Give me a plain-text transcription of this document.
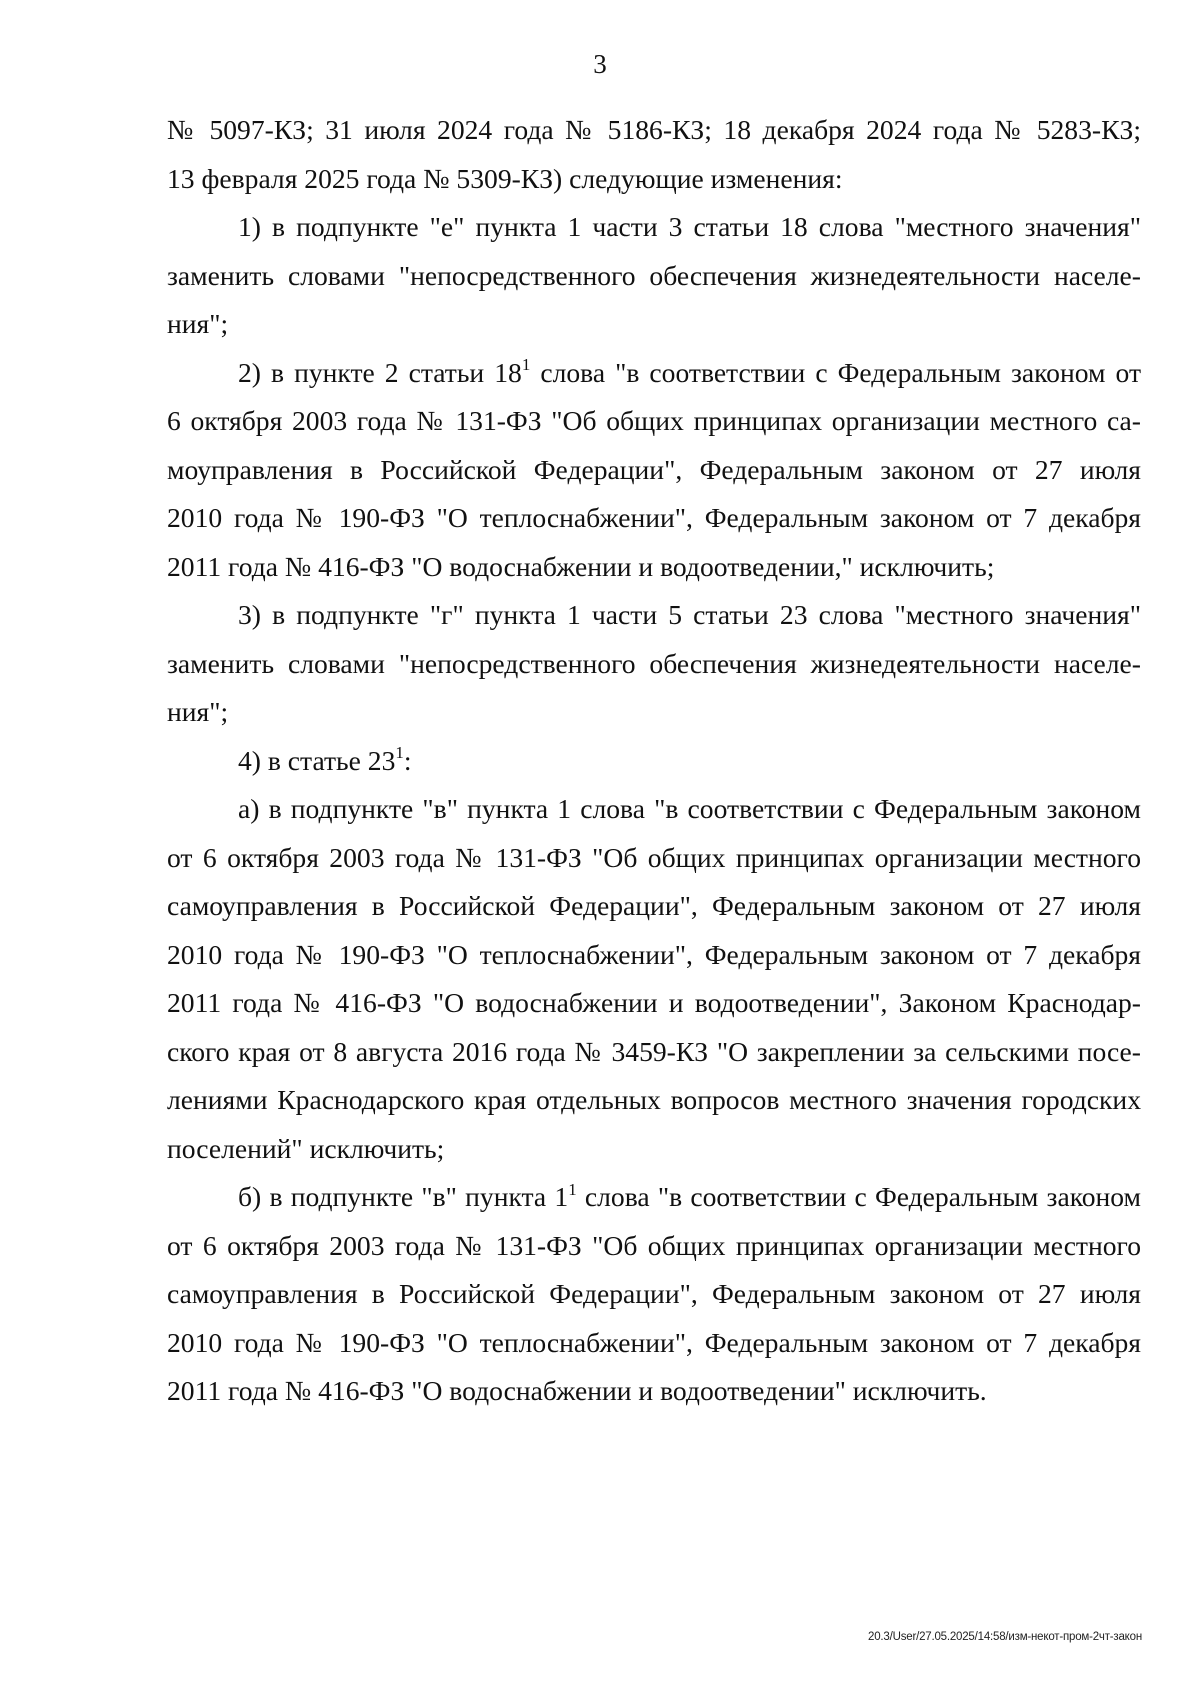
3
№ 5097-КЗ; 31 июля 2024 года № 5186-КЗ; 18 декабря 2024 года № 5283-КЗ;
13 февраля 2025 года № 5309-КЗ) следующие изменения:
1) в подпункте "е" пункта 1 части 3 статьи 18 слова "местного значения"
заменить словами "непосредственного обеспечения жизнедеятельности населе-
ния";
2) в пункте 2 статьи $18^1$ слова "в соответствии с Федеральным законом от
6 октября 2003 года № 131-ФЗ "Об общих принципах организации местного са-
моуправления в Российской Федерации", Федеральным законом от 27 июля
2010 года № 190-ФЗ "О теплоснабжении", Федеральным законом от 7 декабря
2011 года № 416-ФЗ "О водоснабжении и водоотведении," исключить;
3) в подпункте "г" пункта 1 части 5 статьи 23 слова "местного значения"
заменить словами "непосредственного обеспечения жизнедеятельности населе-
ния";
4) в статье $23^1$:
а) в подпункте "в" пункта 1 слова "в соответствии с Федеральным законом
от 6 октября 2003 года № 131-ФЗ "Об общих принципах организации местного
самоуправления в Российской Федерации", Федеральным законом от 27 июля
2010 года № 190-ФЗ "О теплоснабжении", Федеральным законом от 7 декабря
2011 года № 416-ФЗ "О водоснабжении и водоотведении", Законом Краснодар-
ского края от 8 августа 2016 года № 3459-КЗ "О закреплении за сельскими посе-
лениями Краснодарского края отдельных вопросов местного значения городских
поселений" исключить;
б) в подпункте "в" пункта $1^1$ слова "в соответствии с Федеральным законом
от 6 октября 2003 года № 131-ФЗ "Об общих принципах организации местного
самоуправления в Российской Федерации", Федеральным законом от 27 июля
2010 года № 190-ФЗ "О теплоснабжении", Федеральным законом от 7 декабря
2011 года № 416-ФЗ "О водоснабжении и водоотведении" исключить.
20.3/User/27.05.2025/14:58/изм-некот-пром-2чт-закон
